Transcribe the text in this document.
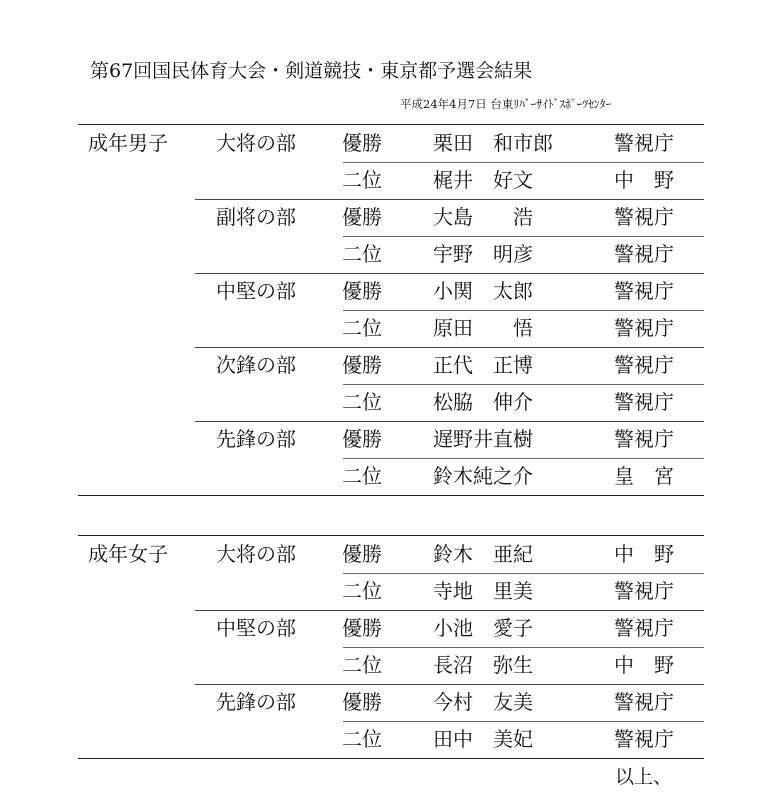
第67回国民体育大会・剣道競技・東京都予選会結果
平成24年4月7日 台東ﾘﾊﾞｰｻｲﾄﾞｽﾎﾟｰﾂｾﾝﾀｰ
成年男子 大将の部 優勝	栗田　和市郎	警視庁
二位	梶井　好文	中　野
副将の部 優勝	大島　　浩	警視庁
二位	宇野　明彦	警視庁
中堅の部 優勝	小関　太郎	警視庁
二位	原田　　悟	警視庁
次鋒の部 優勝	正代　正博	警視庁
二位	松脇　伸介	警視庁
先鋒の部 優勝	遅野井直樹	警視庁
二位	鈴木純之介	皇　宮
成年女子 大将の部 優勝	鈴木　亜紀	中　野
二位	寺地　里美	警視庁
中堅の部 優勝	小池　愛子	警視庁
二位	長沼　弥生	中　野
先鋒の部 優勝	今村　友美	警視庁
二位	田中　美妃	警視庁
以上、
